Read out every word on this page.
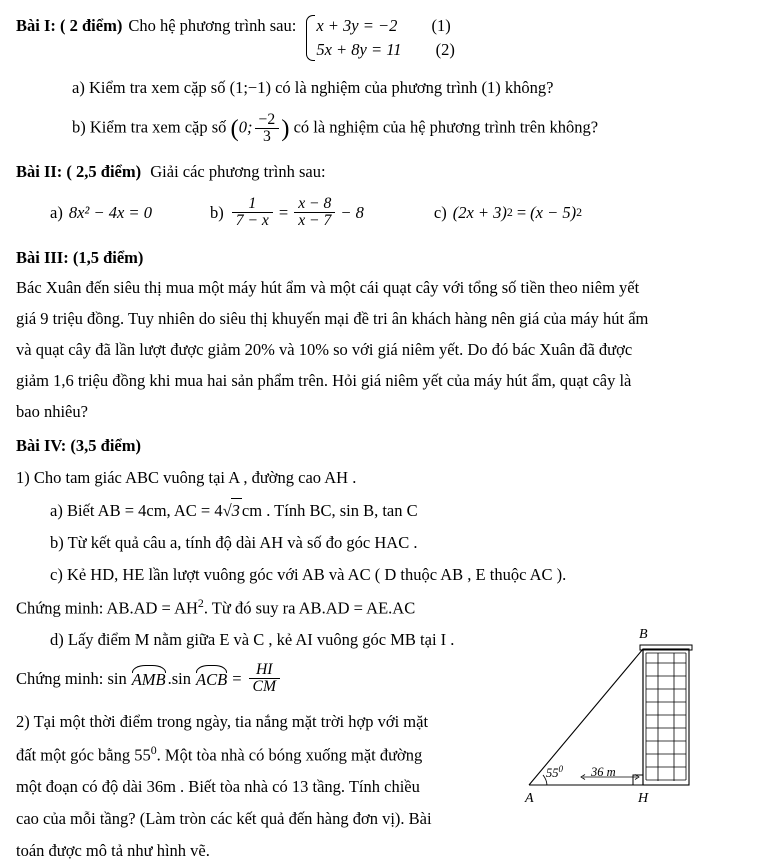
Bài I: ( 2 điểm) Cho hệ phương trình sau: x + 3y = −2 (1)
5x + 8y = 11 (2)
a) Kiểm tra xem cặp số (1;−1) có là nghiệm của phương trình (1) không?
b) Kiểm tra xem cặp số (0; $\frac{-2}{3}$ ) có là nghiệm của hệ phương trình trên không?
Bài II: ( 2,5 điểm) Giải các phương trình sau:
a) 8x² − 4x = 0	$b) \frac{1}{7 - x} = \frac{x - 8}{x - 7} - 8$	c) (2x + 3) 2 = (x − 5) 2
Bài III: (1,5 điểm)
Bác Xuân đến siêu thị mua một máy hút ẩm và một cái quạt cây với tổng số tiền theo niêm yết
giá 9 triệu đồng. Tuy nhiên do siêu thị khuyến mại đề tri ân khách hàng nên giá của máy hút ẩm
và quạt cây đã lần lượt được giảm 20% và 10% so với giá niêm yết. Do đó bác Xuân đã được
giảm 1,6 triệu đồng khi mua hai sản phẩm trên. Hỏi giá niêm yết của máy hút ẩm, quạt cây là
bao nhiêu?
Bài IV: (3,5 điểm)
1) Cho tam giác ABC vuông tại A , đường cao AH .
a) Biết AB = 4cm, AC = 4√3 cm . Tính BC, sin B, tan C
b) Từ kết quả câu a, tính độ dài AH và số đo góc HAC .
c) Kẻ HD, HE lần lượt vuông góc với AB và AC ( D thuộc AB , E thuộc AC ).
Chứng minh: $AB.AD = AH^2$. Từ đó suy ra AB.AD = AE.AC
d) Lấy điểm M nằm giữa E và C , kẻ AI vuông góc MB tại I .
Chứng minh: sin AMB .sin ACB = $\frac{HI}{CM}$
2) Tại một thời điểm trong ngày, tia nắng mặt trời hợp với mặt
đất một góc bằng $55^0$. Một tòa nhà có bóng xuống mặt đường
một đoạn có độ dài 36m . Biết tòa nhà có 13 tầng. Tính chiều
cao của mỗi tầng? (Làm tròn các kết quả đến hàng đơn vị). Bài
toán được mô tả như hình vẽ.
B
A	H
$55^0$ 36 m
